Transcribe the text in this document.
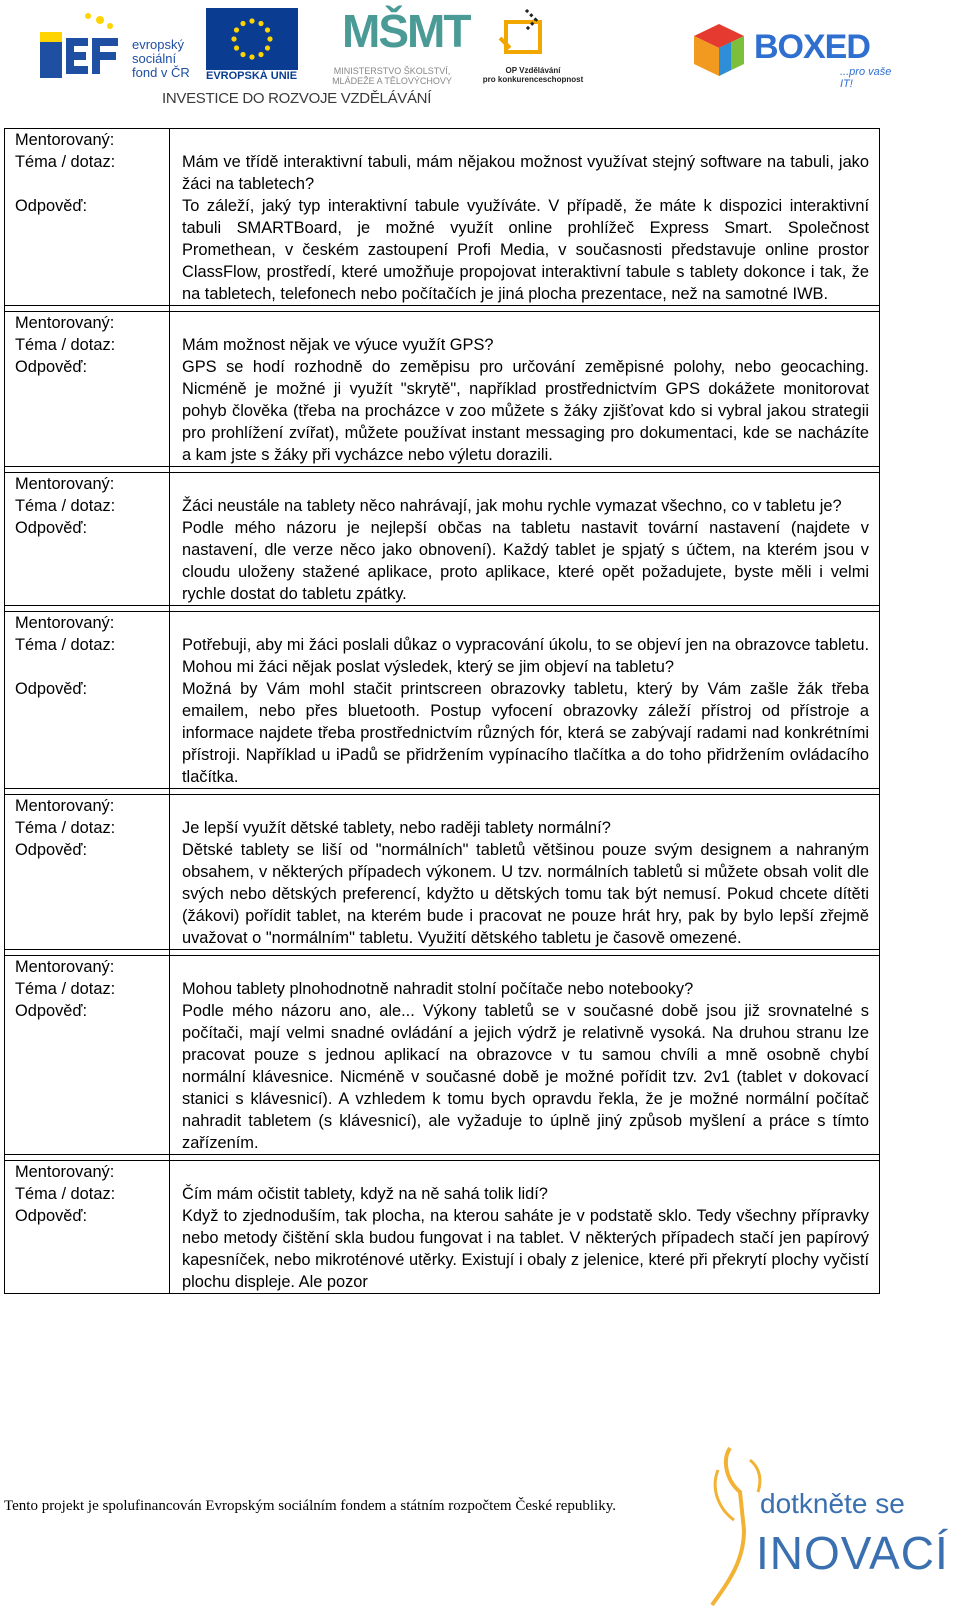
evropský
sociální
fond v ČR EVROPSKÁ UNIE
MŠMT
MINISTERSTVO ŠKOLSTVÍ,
MLÁDEŽE A TĚLOVÝCHOVY
OP Vzdělávání
pro konkurenceschopnost
BOXED
...pro vaše IT!
INVESTICE DO ROZVOJE VZDĚLÁVÁNÍ
Mentorovaný:	
Téma / dotaz:	Mám ve třídě interaktivní tabuli, mám nějakou možnost využívat stejný software na tabuli, jako žáci na tabletech?
Odpověď:	To záleží, jaký typ interaktivní tabule využíváte. V případě, že máte k dispozici interaktivní tabuli SMARTBoard, je možné využít online prohlížeč Express Smart. Společnost Promethean, v českém zastoupení Profi Media, v současnosti představuje online prostor ClassFlow, prostředí, které umožňuje propojovat interaktivní tabule s tablety dokonce i tak, že na tabletech, telefonech nebo počítačích je jiná plocha prezentace, než na samotné IWB.

Mentorovaný:	
Téma / dotaz:	Mám možnost nějak ve výuce využít GPS?
Odpověď:	GPS se hodí rozhodně do zeměpisu pro určování zeměpisné polohy, nebo geocaching. Nicméně je možné ji využít "skrytě", například prostřednictvím GPS dokážete monitorovat pohyb člověka (třeba na procházce v zoo můžete s žáky zjišťovat kdo si vybral jakou strategii pro prohlížení zvířat), můžete používat instant messaging pro dokumentaci, kde se nacházíte a kam jste s žáky při vycházce nebo výletu dorazili.

Mentorovaný:	
Téma / dotaz:	Žáci neustále na tablety něco nahrávají, jak mohu rychle vymazat všechno, co v tabletu je?
Odpověď:	Podle mého názoru je nejlepší občas na tabletu nastavit tovární nastavení (najdete v nastavení, dle verze něco jako obnovení). Každý tablet je spjatý s účtem, na kterém jsou v cloudu uloženy stažené aplikace, proto aplikace, které opět požadujete, byste měli i velmi rychle dostat do tabletu zpátky.

Mentorovaný:	
Téma / dotaz:	Potřebuji, aby mi žáci poslali důkaz o vypracování úkolu, to se objeví jen na obrazovce tabletu. Mohou mi žáci nějak poslat výsledek, který se jim objeví na tabletu?
Odpověď:	Možná by Vám mohl stačit printscreen obrazovky tabletu, který by Vám zašle žák třeba emailem, nebo přes bluetooth. Postup vyfocení obrazovky záleží přístroj od přístroje a informace najdete třeba prostřednictvím různých fór, která se zabývají radami nad konkrétními přístroji. Například u iPadů se přidržením vypínacího tlačítka a do toho přidržením ovládacího tlačítka.

Mentorovaný:	
Téma / dotaz:	Je lepší využít dětské tablety, nebo raději tablety normální?
Odpověď:	Dětské tablety se liší od "normálních" tabletů většinou pouze svým designem a nahraným obsahem, v některých případech výkonem. U tzv. normálních tabletů si můžete obsah volit dle svých nebo dětských preferencí, kdyžto u dětských tomu tak být nemusí. Pokud chcete dítěti (žákovi) pořídit tablet, na kterém bude i pracovat ne pouze hrát hry, pak by bylo lepší zřejmě uvažovat o "normálním" tabletu. Využití dětského tabletu je časově omezené.

Mentorovaný:	
Téma / dotaz:	Mohou tablety plnohodnotně nahradit stolní počítače nebo notebooky?
Odpověď:	Podle mého názoru ano, ale... Výkony tabletů se v současné době jsou již srovnatelné s počítači, mají velmi snadné ovládání a jejich výdrž je relativně vysoká. Na druhou stranu lze pracovat pouze s jednou aplikací na obrazovce v tu samou chvíli a mně osobně chybí normální klávesnice. Nicméně v současné době je možné pořídit tzv. 2v1 (tablet v dokovací stanici s klávesnicí). A vzhledem k tomu bych opravdu řekla, že je možné normální počítač nahradit tabletem (s klávesnicí), ale vyžaduje to úplně jiný způsob myšlení a práce s tímto zařízením.

Mentorovaný:	
Téma / dotaz:	Čím mám očistit tablety, když na ně sahá tolik lidí?
Odpověď:	Když to zjednoduším, tak plocha, na kterou saháte je v podstatě sklo. Tedy všechny přípravky nebo metody čištění skla budou fungovat i na tablet. V některých případech stačí jen papírový kapesníček, nebo mikroténové utěrky. Existují i obaly z jelenice, které při překrytí plochy vyčistí plochu displeje. Ale pozor
Tento projekt je spolufinancován Evropským sociálním fondem a státním rozpočtem České republiky.	dotkněte se
INOVACÍ
